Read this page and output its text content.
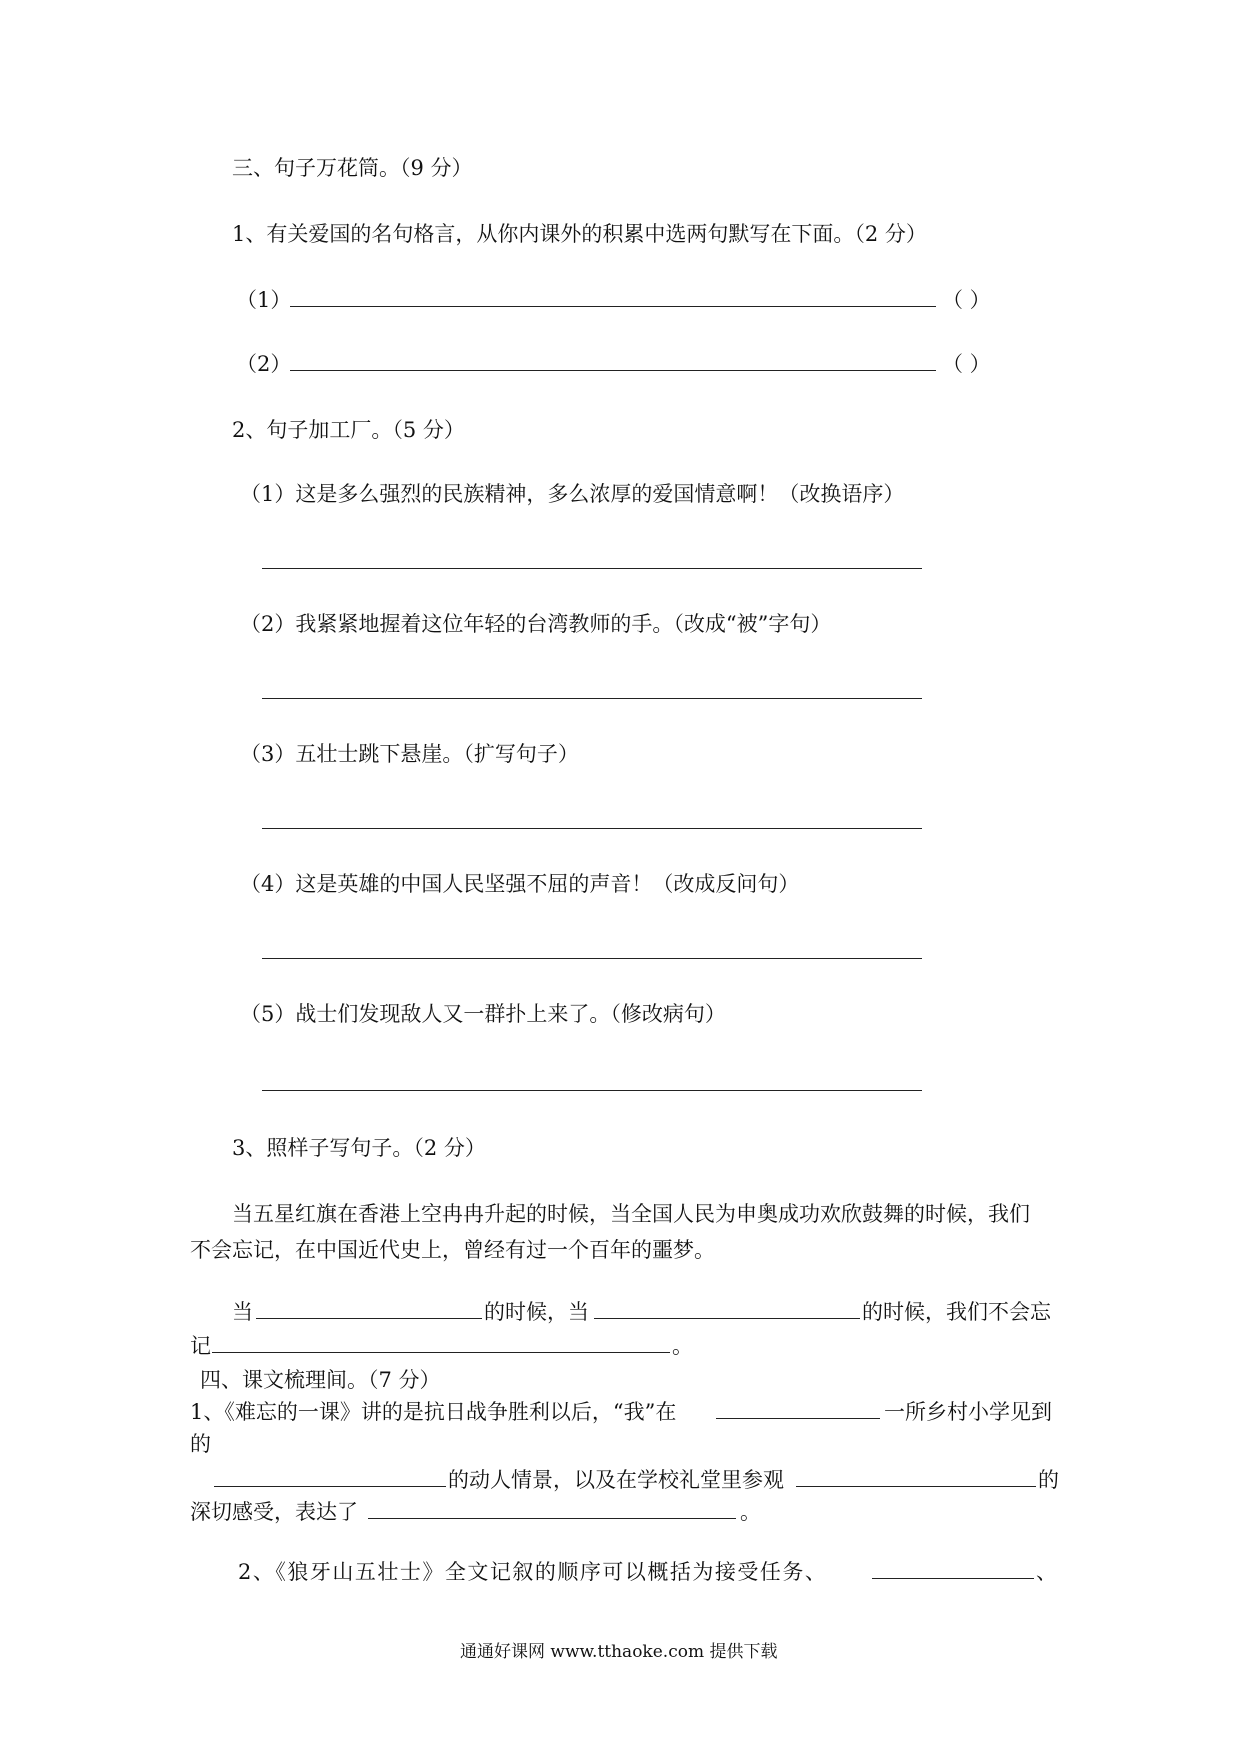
三、句子万花筒。（9 分）
1、有关爱国的名句格言，从你内课外的积累中选两句默写在下面。（2 分）
（1）	（ ）
（2）	（ ）
2、句子加工厂。（5 分）
（1）这是多么强烈的民族精神，多么浓厚的爱国情意啊！（改换语序）
（2）我紧紧地握着这位年轻的台湾教师的手。（改成“被”字句）
（3）五壮士跳下悬崖。（扩写句子）
（4）这是英雄的中国人民坚强不屈的声音！（改成反问句）
（5）战士们发现敌人又一群扑上来了。（修改病句）
3、照样子写句子。（2 分）
当五星红旗在香港上空冉冉升起的时候，当全国人民为申奥成功欢欣鼓舞的时候，我们
不会忘记，在中国近代史上，曾经有过一个百年的噩梦。
当	的时候，当	的时候，我们不会忘
记	。
四、课文梳理间。（7 分）
1、《难忘的一课》讲的是抗日战争胜利以后，“我”在	一所乡村小学见到
的
的动人情景，以及在学校礼堂里参观	的
深切感受，表达了	。
2、《狼牙山五壮士》全文记叙的顺序可以概括为接受任务、	、
通通好课网 www.tthaoke.com 提供下载
